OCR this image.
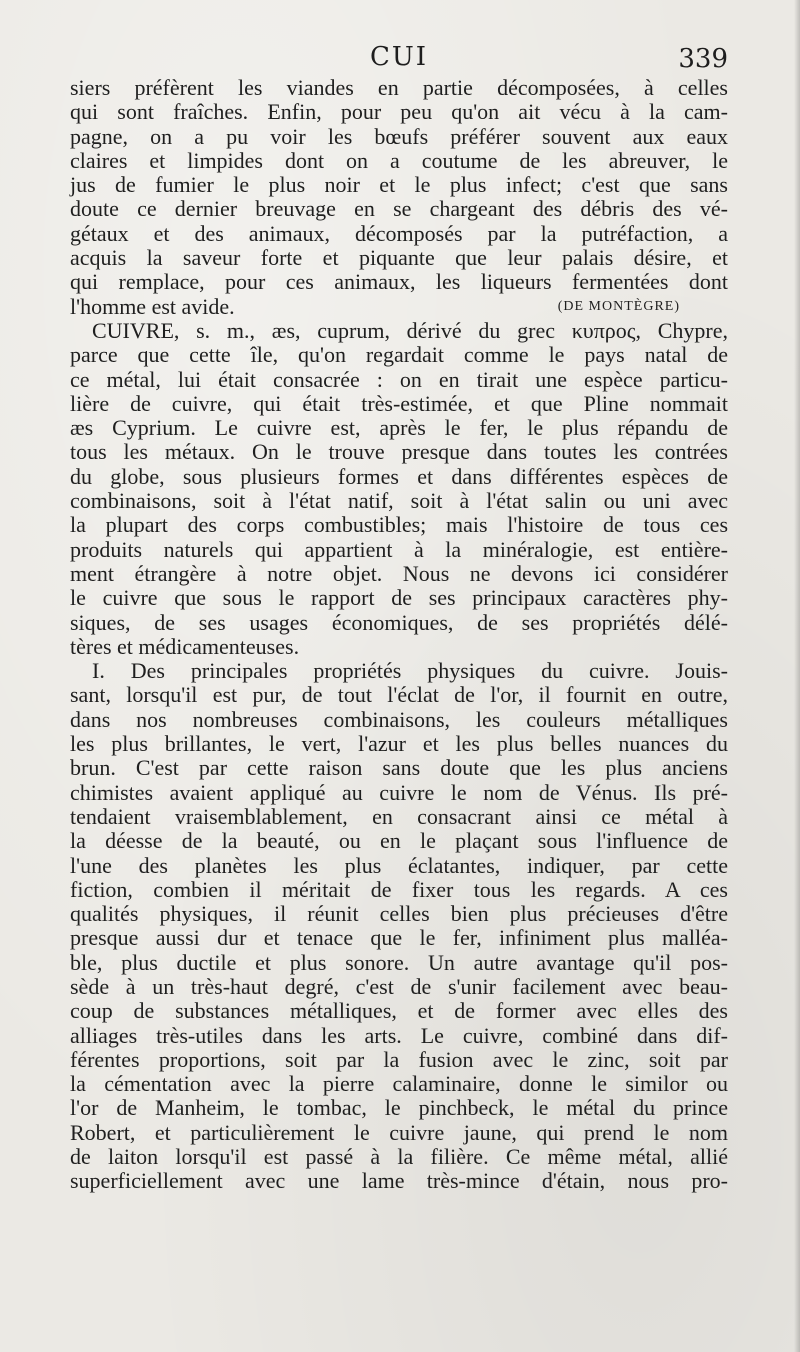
CUI	339
siers préfèrent les viandes en partie décomposées, à celles
qui sont fraîches. Enfin, pour peu qu'on ait vécu à la cam-
pagne, on a pu voir les bœufs préférer souvent aux eaux
claires et limpides dont on a coutume de les abreuver, le
jus de fumier le plus noir et le plus infect; c'est que sans
doute ce dernier breuvage en se chargeant des débris des vé-
gétaux et des animaux, décomposés par la putréfaction, a
acquis la saveur forte et piquante que leur palais désire, et
qui remplace, pour ces animaux, les liqueurs fermentées dont
l'homme est avide.	(DE MONTÈGRE)
CUIVRE, s. m., æs, cuprum, dérivé du grec κυπρος, Chypre,
parce que cette île, qu'on regardait comme le pays natal de
ce métal, lui était consacrée : on en tirait une espèce particu-
lière de cuivre, qui était très-estimée, et que Pline nommait
æs Cyprium. Le cuivre est, après le fer, le plus répandu de
tous les métaux. On le trouve presque dans toutes les contrées
du globe, sous plusieurs formes et dans différentes espèces de
combinaisons, soit à l'état natif, soit à l'état salin ou uni avec
la plupart des corps combustibles; mais l'histoire de tous ces
produits naturels qui appartient à la minéralogie, est entière-
ment étrangère à notre objet. Nous ne devons ici considérer
le cuivre que sous le rapport de ses principaux caractères phy-
siques, de ses usages économiques, de ses propriétés délé-
tères et médicamenteuses.
I. Des principales propriétés physiques du cuivre. Jouis-
sant, lorsqu'il est pur, de tout l'éclat de l'or, il fournit en outre,
dans nos nombreuses combinaisons, les couleurs métalliques
les plus brillantes, le vert, l'azur et les plus belles nuances du
brun. C'est par cette raison sans doute que les plus anciens
chimistes avaient appliqué au cuivre le nom de Vénus. Ils pré-
tendaient vraisemblablement, en consacrant ainsi ce métal à
la déesse de la beauté, ou en le plaçant sous l'influence de
l'une des planètes les plus éclatantes, indiquer, par cette
fiction, combien il méritait de fixer tous les regards. A ces
qualités physiques, il réunit celles bien plus précieuses d'être
presque aussi dur et tenace que le fer, infiniment plus malléa-
ble, plus ductile et plus sonore. Un autre avantage qu'il pos-
sède à un très-haut degré, c'est de s'unir facilement avec beau-
coup de substances métalliques, et de former avec elles des
alliages très-utiles dans les arts. Le cuivre, combiné dans dif-
férentes proportions, soit par la fusion avec le zinc, soit par
la cémentation avec la pierre calaminaire, donne le similor ou
l'or de Manheim, le tombac, le pinchbeck, le métal du prince
Robert, et particulièrement le cuivre jaune, qui prend le nom
de laiton lorsqu'il est passé à la filière. Ce même métal, allié
superficiellement avec une lame très-mince d'étain, nous pro-
